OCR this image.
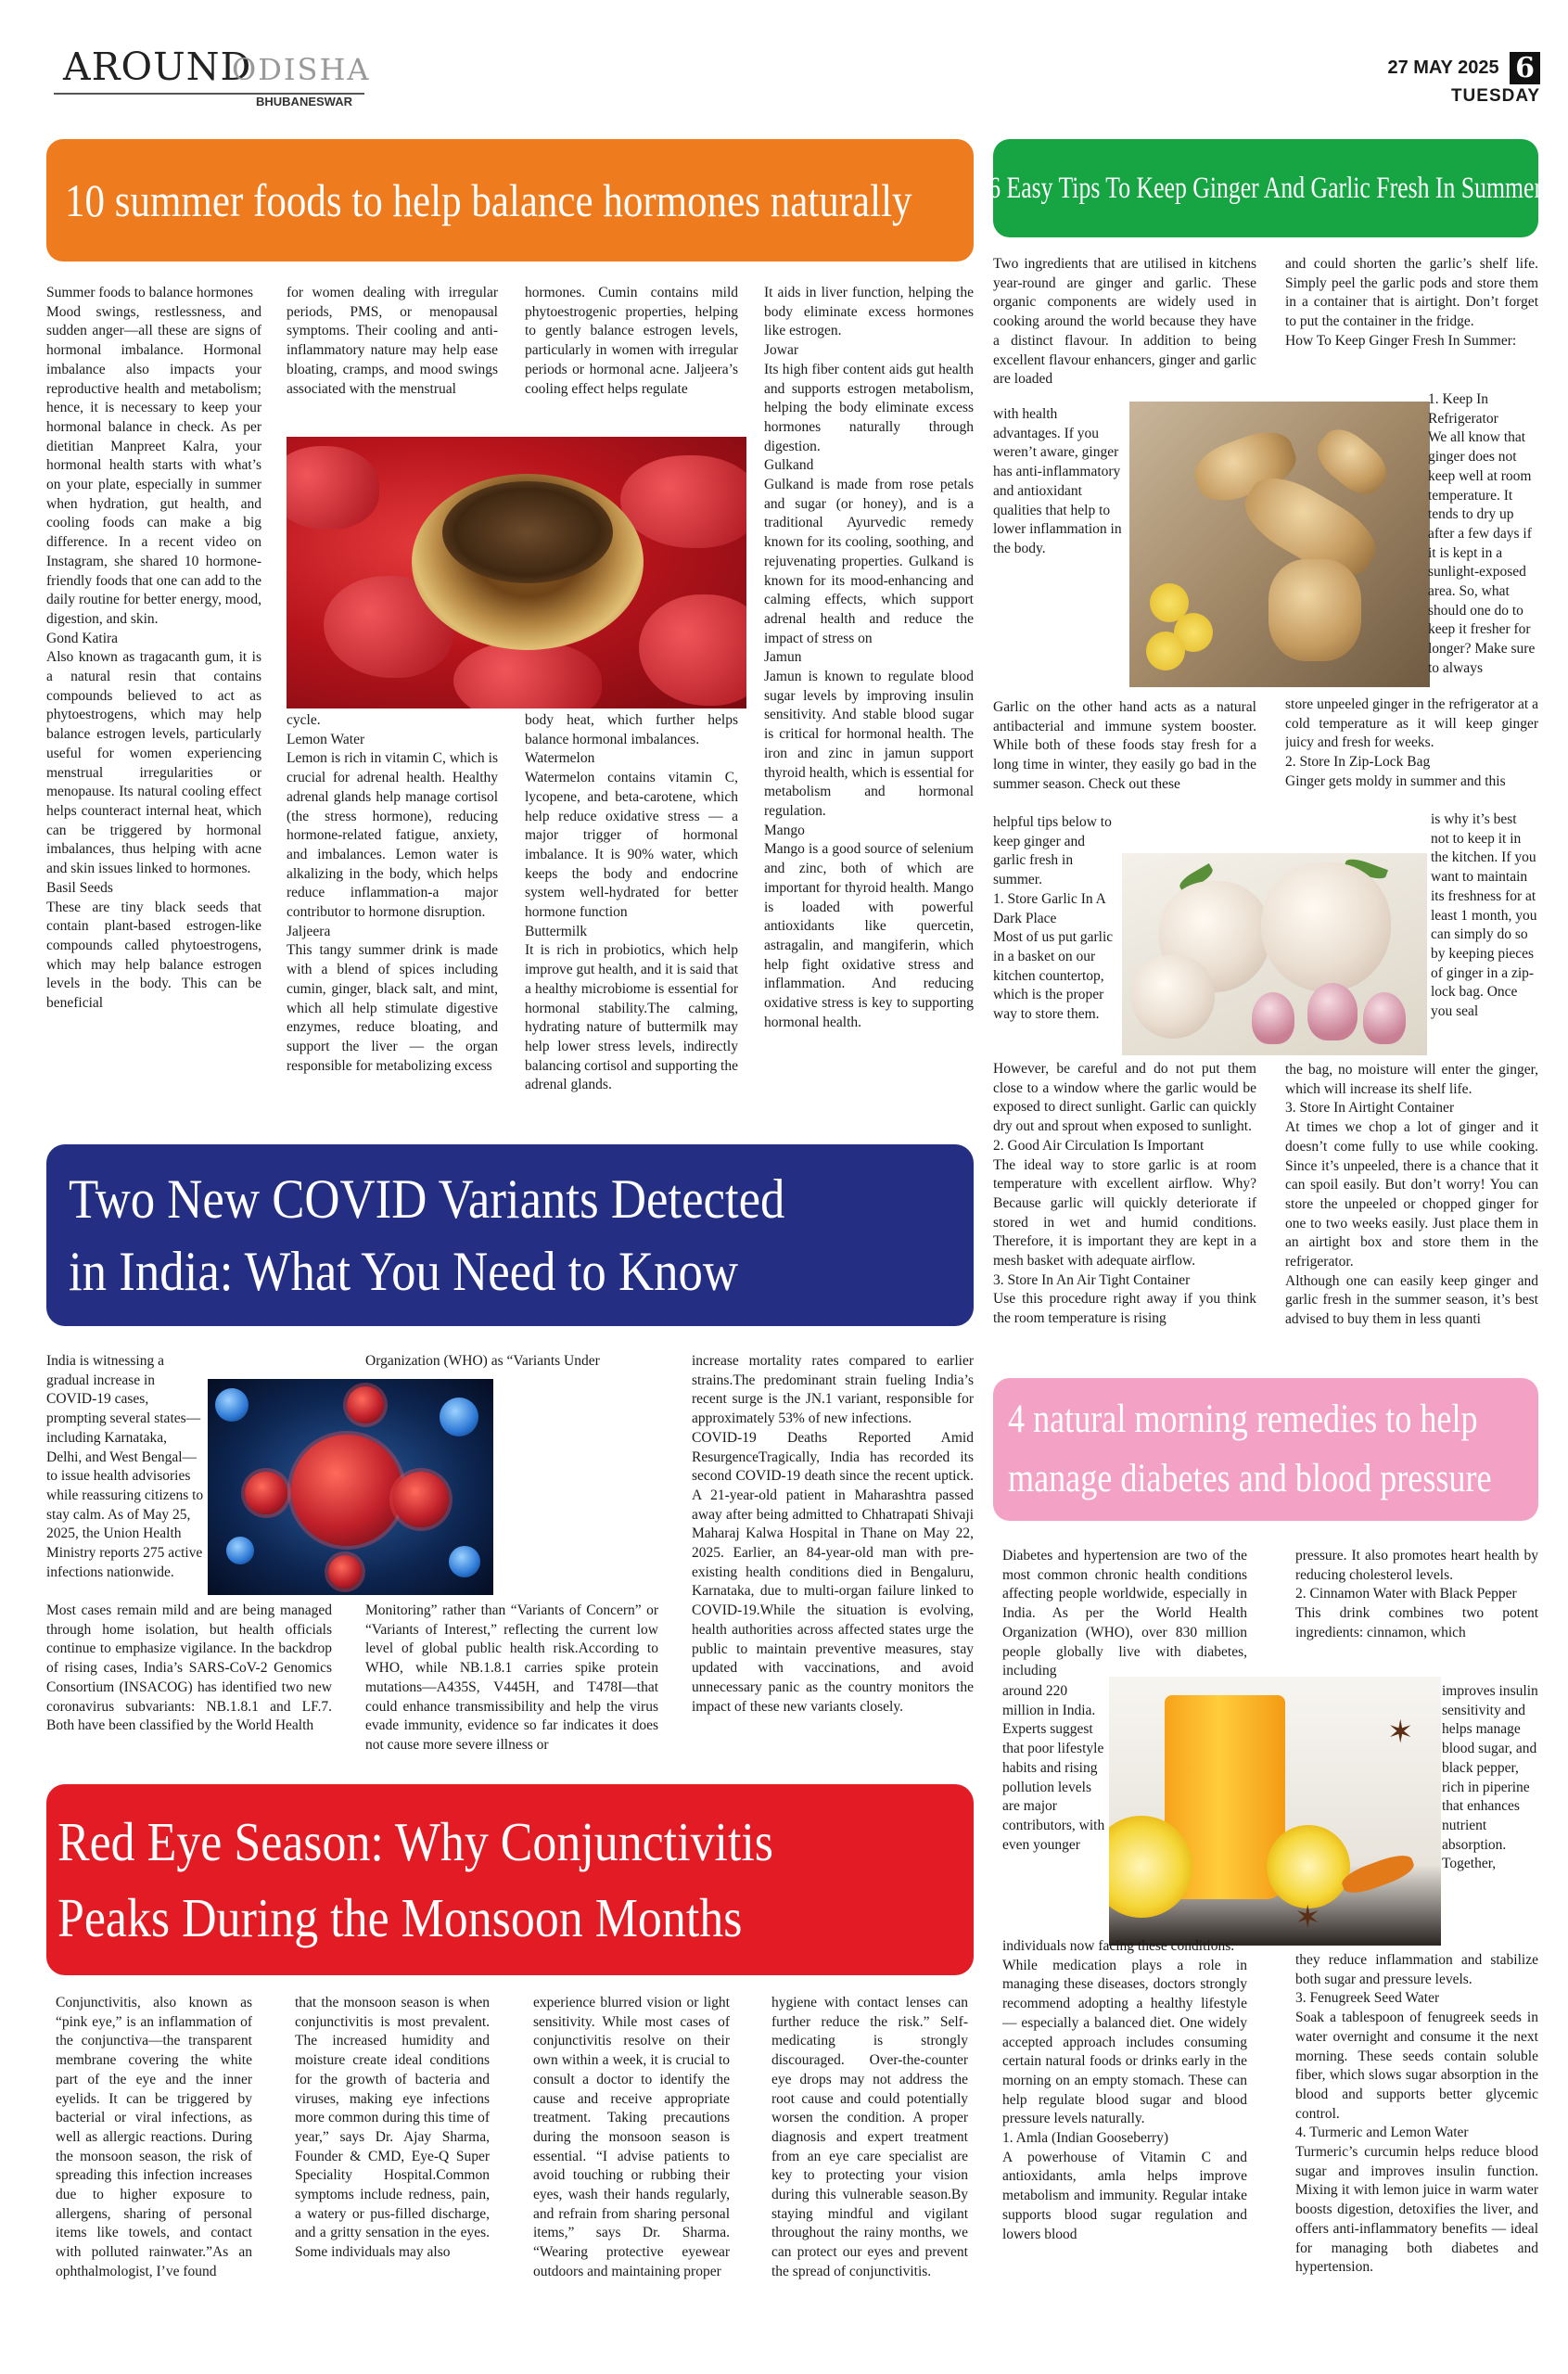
AROUND
ODISHA
BHUBANESWAR
27 MAY 2025 6
TUESDAY
10 summer foods to help balance hormones naturally

Summer foods to balance hormones

Mood swings, restlessness, and sudden anger—all these are signs of hormonal imbalance. Hormonal imbalance also impacts your reproductive health and metabolism; hence, it is necessary to keep your hormonal balance in check. As per dietitian Manpreet Kalra, your hormonal health starts with what’s on your plate, especially in summer when hydration, gut health, and cooling foods can make a big difference. In a recent video on Instagram, she shared 10 hormone-friendly foods that one can add to the daily routine for better energy, mood, digestion, and skin.

Gond Katira

Also known as tragacanth gum, it is a natural resin that contains compounds believed to act as phytoestrogens, which may help balance estrogen levels, particularly useful for women experiencing menstrual irregularities or menopause. Its natural cooling effect helps counteract internal heat, which can be triggered by hormonal imbalances, thus helping with acne and skin issues linked to hormones.

Basil Seeds

These are tiny black seeds that contain plant-based estrogen-like compounds called phytoestrogens, which may help balance estrogen levels in the body. This can be beneficial

for women dealing with irregular periods, PMS, or menopausal symptoms. Their cooling and anti-inflammatory nature may help ease bloating, cramps, and mood swings associated with the menstrual

hormones. Cumin contains mild phytoestrogenic properties, helping to gently balance estrogen levels, particularly in women with irregular periods or hormonal acne. Jaljeera’s cooling effect helps regulate

cycle.

Lemon Water

Lemon is rich in vitamin C, which is crucial for adrenal health. Healthy adrenal glands help manage cortisol (the stress hormone), reducing hormone-related fatigue, anxiety, and imbalances. Lemon water is alkalizing in the body, which helps reduce inflammation-a major contributor to hormone disruption.

Jaljeera

This tangy summer drink is made with a blend of spices including cumin, ginger, black salt, and mint, which all help stimulate digestive enzymes, reduce bloating, and support the liver — the organ responsible for metabolizing excess

body heat, which further helps balance hormonal imbalances.

Watermelon

Watermelon contains vitamin C, lycopene, and beta-carotene, which help reduce oxidative stress — a major trigger of hormonal imbalance. It is 90% water, which keeps the body and endocrine system well-hydrated for better hormone function

Buttermilk

It is rich in probiotics, which help improve gut health, and it is said that a healthy microbiome is essential for hormonal stability.The calming, hydrating nature of buttermilk may help lower stress levels, indirectly balancing cortisol and supporting the adrenal glands.

It aids in liver function, helping the body eliminate excess hormones like estrogen.

Jowar

Its high fiber content aids gut health and supports estrogen metabolism, helping the body eliminate excess hormones naturally through digestion.

Gulkand

Gulkand is made from rose petals and sugar (or honey), and is a traditional Ayurvedic remedy known for its cooling, soothing, and rejuvenating properties. Gulkand is known for its mood-enhancing and calming effects, which support adrenal health and reduce the impact of stress on

Jamun

Jamun is known to regulate blood sugar levels by improving insulin sensitivity. And stable blood sugar is critical for hormonal health. The iron and zinc in jamun support thyroid health, which is essential for metabolism and hormonal regulation.

Mango

Mango is a good source of selenium and zinc, both of which are important for thyroid health. Mango is loaded with powerful antioxidants like quercetin, astragalin, and mangiferin, which help fight oxidative stress and inflammation. And reducing oxidative stress is key to supporting hormonal health.

6 Easy Tips To Keep Ginger And Garlic Fresh In Summer

Two ingredients that are utilised in kitchens year-round are ginger and garlic. These organic components are widely used in cooking around the world because they have a distinct flavour. In addition to being excellent flavour enhancers, ginger and garlic are loaded

with health advantages. If you weren’t aware, ginger has anti-inflammatory and antioxidant qualities that help to lower inflammation in the body.

Garlic on the other hand acts as a natural antibacterial and immune system booster. While both of these foods stay fresh for a long time in winter, they easily go bad in the summer season. Check out these

helpful tips below to keep ginger and garlic fresh in summer.

1. Store Garlic In A Dark Place

Most of us put garlic in a basket on our kitchen countertop, which is the proper way to store them.

However, be careful and do not put them close to a window where the garlic would be exposed to direct sunlight. Garlic can quickly dry out and sprout when exposed to sunlight.

2. Good Air Circulation Is Important

The ideal way to store garlic is at room temperature with excellent airflow. Why? Because garlic will quickly deteriorate if stored in wet and humid conditions. Therefore, it is important they are kept in a mesh basket with adequate airflow.

3. Store In An Air Tight Container

Use this procedure right away if you think the room temperature is rising

and could shorten the garlic’s shelf life. Simply peel the garlic pods and store them in a container that is airtight. Don’t forget to put the container in the fridge.

How To Keep Ginger Fresh In Summer:

1. Keep In Refrigerator

We all know that ginger does not keep well at room temperature. It tends to dry up after a few days if it is kept in a sunlight-exposed area. So, what should one do to keep it fresher for longer? Make sure to always

store unpeeled ginger in the refrigerator at a cold temperature as it will keep ginger juicy and fresh for weeks.

2. Store In Zip-Lock Bag

Ginger gets moldy in summer and this

is why it’s best not to keep it in the kitchen. If you want to maintain its freshness for at least 1 month, you can simply do so by keeping pieces of ginger in a zip-lock bag. Once you seal

the bag, no moisture will enter the ginger, which will increase its shelf life.

3. Store In Airtight Container

At times we chop a lot of ginger and it doesn’t come fully to use while cooking. Since it’s unpeeled, there is a chance that it can spoil easily. But don’t worry! You can store the unpeeled or chopped ginger for one to two weeks easily. Just place them in an airtight box and store them in the refrigerator.

Although one can easily keep ginger and garlic fresh in the summer season, it’s best advised to buy them in less quanti

Two New COVID Variants Detected
in India: What You Need to Know

India is witnessing a gradual increase in COVID-19 cases, prompting several states—including Karnataka, Delhi, and West Bengal—to issue health advisories while reassuring citizens to stay calm. As of May 25, 2025, the Union Health Ministry reports 275 active infections nationwide.

Organization (WHO) as “Variants Under

Most cases remain mild and are being managed through home isolation, but health officials continue to emphasize vigilance. In the backdrop of rising cases, India’s SARS-CoV-2 Genomics Consortium (INSACOG) has identified two new coronavirus subvariants: NB.1.8.1 and LF.7. Both have been classified by the World Health

Monitoring” rather than “Variants of Concern” or “Variants of Interest,” reflecting the current low level of global public health risk.According to WHO, while NB.1.8.1 carries spike protein mutations—A435S, V445H, and T478I—that could enhance transmissibility and help the virus evade immunity, evidence so far indicates it does not cause more severe illness or

increase mortality rates compared to earlier strains.The predominant strain fueling India’s recent surge is the JN.1 variant, responsible for approximately 53% of new infections.

COVID-19 Deaths Reported Amid ResurgenceTragically, India has recorded its second COVID-19 death since the recent uptick. A 21-year-old patient in Maharashtra passed away after being admitted to Chhatrapati Shivaji Maharaj Kalwa Hospital in Thane on May 22, 2025. Earlier, an 84-year-old man with pre-existing health conditions died in Bengaluru, Karnataka, due to multi-organ failure linked to COVID-19.While the situation is evolving, health authorities across affected states urge the public to maintain preventive measures, stay updated with vaccinations, and avoid unnecessary panic as the country monitors the impact of these new variants closely.

4 natural morning remedies to help
manage diabetes and blood pressure

Diabetes and hypertension are two of the most common chronic health conditions affecting people worldwide, especially in India. As per the World Health Organization (WHO), over 830 million people globally live with diabetes, including

around 220 million in India. Experts suggest that poor lifestyle habits and rising pollution levels are major contributors, with even younger

✶
✶

individuals now facing these conditions.

While medication plays a role in managing these diseases, doctors strongly recommend adopting a healthy lifestyle — especially a balanced diet. One widely accepted approach includes consuming certain natural foods or drinks early in the morning on an empty stomach. These can help regulate blood sugar and blood pressure levels naturally.

1. Amla (Indian Gooseberry)

A powerhouse of Vitamin C and antioxidants, amla helps improve metabolism and immunity. Regular intake supports blood sugar regulation and lowers blood

pressure. It also promotes heart health by reducing cholesterol levels.

2. Cinnamon Water with Black Pepper

This drink combines two potent ingredients: cinnamon, which

improves insulin sensitivity and helps manage blood sugar, and black pepper, rich in piperine that enhances nutrient absorption. Together,

they reduce inflammation and stabilize both sugar and pressure levels.

3. Fenugreek Seed Water

Soak a tablespoon of fenugreek seeds in water overnight and consume it the next morning. These seeds contain soluble fiber, which slows sugar absorption in the blood and supports better glycemic control.

4. Turmeric and Lemon Water

Turmeric’s curcumin helps reduce blood sugar and improves insulin function. Mixing it with lemon juice in warm water boosts digestion, detoxifies the liver, and offers anti-inflammatory benefits — ideal for managing both diabetes and hypertension.

Red Eye Season: Why Conjunctivitis
Peaks During the Monsoon Months

Conjunctivitis, also known as “pink eye,” is an inflammation of the conjunctiva—the transparent membrane covering the white part of the eye and the inner eyelids. It can be triggered by bacterial or viral infections, as well as allergic reactions. During the monsoon season, the risk of spreading this infection increases due to higher exposure to allergens, sharing of personal items like towels, and contact with polluted rainwater.”As an ophthalmologist, I’ve found

that the monsoon season is when conjunctivitis is most prevalent. The increased humidity and moisture create ideal conditions for the growth of bacteria and viruses, making eye infections more common during this time of year,” says Dr. Ajay Sharma, Founder & CMD, Eye-Q Super Speciality Hospital.Common symptoms include redness, pain, a watery or pus-filled discharge, and a gritty sensation in the eyes. Some individuals may also

experience blurred vision or light sensitivity. While most cases of conjunctivitis resolve on their own within a week, it is crucial to consult a doctor to identify the cause and receive appropriate treatment. Taking precautions during the monsoon season is essential. “I advise patients to avoid touching or rubbing their eyes, wash their hands regularly, and refrain from sharing personal items,” says Dr. Sharma. “Wearing protective eyewear outdoors and maintaining proper

hygiene with contact lenses can further reduce the risk.” Self-medicating is strongly discouraged. Over-the-counter eye drops may not address the root cause and could potentially worsen the condition. A proper diagnosis and expert treatment from an eye care specialist are key to protecting your vision during this vulnerable season.By staying mindful and vigilant throughout the rainy months, we can protect our eyes and prevent the spread of conjunctivitis.
